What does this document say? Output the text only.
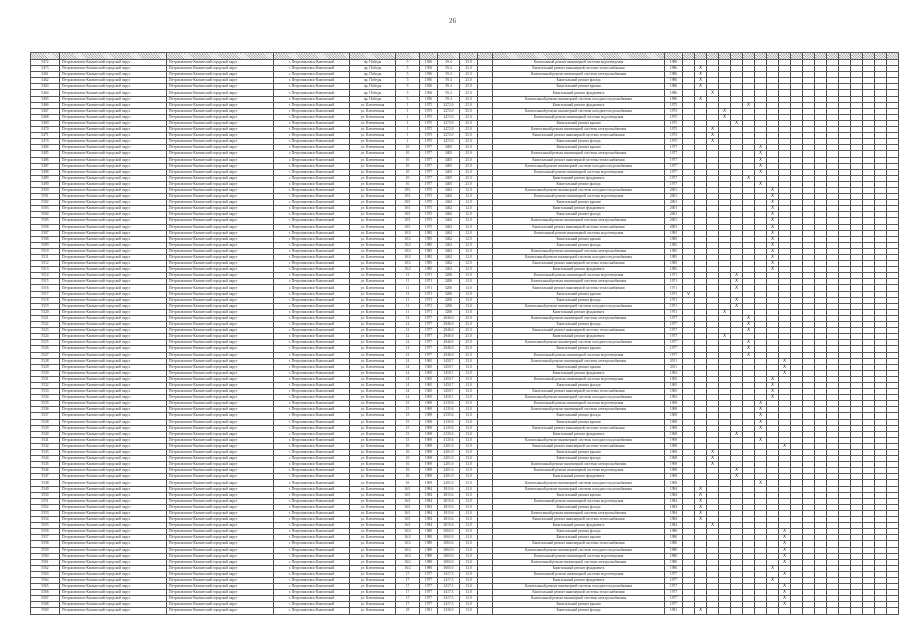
26

5472	Петропавловск-Камчатский городской округ	Петропавловск-Камчатский городской округ	г. Петропавловск-Камчатский	пр. Победы	5	1956	59.4	25.0		Капитальный ремонт инженерной системы водоотведения	1986																		
5473	Петропавловск-Камчатский городской округ	Петропавловск-Камчатский городской округ	г. Петропавловск-Камчатский	пр. Победы	5	1956	59.4	25.0		Капитальный ремонт инженерной системы теплоснабжения	1986		X																
5461	Петропавловск-Камчатский городской округ	Петропавловск-Камчатский городской округ	г. Петропавловск-Камчатский	пр. Победы	5	1956	59.4	25.0		Капитальный ремонт инженерной системы электроснабжения	1986		X																
5462	Петропавловск-Камчатский городской округ	Петропавловск-Камчатский городской округ	г. Петропавловск-Камчатский	пр. Победы	5	1956	59.4	25.0		Капитальный ремонт фасада	1986		X																
5463	Петропавловск-Камчатский городской округ	Петропавловск-Камчатский городской округ	г. Петропавловск-Камчатский	пр. Победы	5	1956	59.4	25.0		Капитальный ремонт крыши	1986		X																
5464	Петропавловск-Камчатский городской округ	Петропавловск-Камчатский городской округ	г. Петропавловск-Камчатский	пр. Победы	5	1956	59.4	25.0		Капитальный ремонт фундамента	1986			X															
5465	Петропавловск-Камчатский городской округ	Петропавловск-Камчатский городской округ	г. Петропавловск-Камчатский	пр. Победы	5	1956	59.4	25.0		Капитальный ремонт инженерной системы холодного водоснабжения	1986		X																
5466	Петропавловск-Камчатский городской округ	Петропавловск-Камчатский городской округ	г. Петропавловск-Камчатский	ул. Ключевская	1	1975	2272.0	25.0		Капитальный ремонт фундамента	1975						X												
5467	Петропавловск-Камчатский городской округ	Петропавловск-Камчатский городской округ	г. Петропавловск-Камчатский	ул. Ключевская	1	1975	2272.0	25.0		Капитальный ремонт инженерной системы холодного водоснабжения	1975				X														
5468	Петропавловск-Камчатский городской округ	Петропавловск-Камчатский городской округ	г. Петропавловск-Камчатский	ул. Ключевская	1	1975	2272.0	25.0		Капитальный ремонт инженерной системы водоотведения	1975				X														
5469	Петропавловск-Камчатский городской округ	Петропавловск-Камчатский городской округ	г. Петропавловск-Камчатский	ул. Ключевская	1	1975	2272.0	25.0		Капитальный ремонт крыши	1975					X													
5470	Петропавловск-Камчатский городской округ	Петропавловск-Камчатский городской округ	г. Петропавловск-Камчатский	ул. Ключевская	1	1975	2272.0	25.0		Капитальный ремонт инженерной системы электроснабжения	1975			X															
5471	Петропавловск-Камчатский городской округ	Петропавловск-Камчатский городской округ	г. Петропавловск-Камчатский	ул. Ключевская	1	1975	2272.0	25.0		Капитальный ремонт инженерной системы теплоснабжения	1975			X															
5474	Петропавловск-Камчатский городской округ	Петропавловск-Камчатский городской округ	г. Петропавловск-Камчатский	ул. Ключевская	1	1975	2272.0	25.0		Капитальный ремонт фасада	1975			X															
5484	Петропавловск-Камчатский городской округ	Петропавловск-Камчатский городской округ	г. Петропавловск-Камчатский	ул. Ключевская	10	1977	3405	25.0		Капитальный ремонт крыши	1977							X											
5485	Петропавловск-Камчатский городской округ	Петропавловск-Камчатский городской округ	г. Петропавловск-Камчатский	ул. Ключевская	10	1977	3405	25.0		Капитальный ремонт инженерной системы электроснабжения	1977							X											
5486	Петропавловск-Камчатский городской округ	Петропавловск-Камчатский городской округ	г. Петропавловск-Камчатский	ул. Ключевская	10	1977	3405	25.0		Капитальный ремонт инженерной системы теплоснабжения	1977							X											
5487	Петропавловск-Камчатский городской округ	Петропавловск-Камчатский городской округ	г. Петропавловск-Камчатский	ул. Ключевская	10	1977	3405	25.0		Капитальный ремонт инженерной системы холодного водоснабжения	1977							X											
5488	Петропавловск-Камчатский городской округ	Петропавловск-Камчатский городской округ	г. Петропавловск-Камчатский	ул. Ключевская	10	1977	3405	25.0		Капитальный ремонт инженерной системы водоотведения	1977							X											
5489	Петропавловск-Камчатский городской округ	Петропавловск-Камчатский городской округ	г. Петропавловск-Камчатский	ул. Ключевская	10	1977	3405	25.0		Капитальный ремонт фундамента	1977						X												
5490	Петропавловск-Камчатский городской округ	Петропавловск-Камчатский городской округ	г. Петропавловск-Камчатский	ул. Ключевская	10	1977	3405	25.0		Капитальный ремонт фасада	1977							X											
5500	Петропавловск-Камчатский городской округ	Петропавловск-Камчатский городской округ	г. Петропавловск-Камчатский	ул. Ключевская	10/1	1975	3462	12.0		Капитальный ремонт инженерной системы холодного водоснабжения	2001								X										
5501	Петропавловск-Камчатский городской округ	Петропавловск-Камчатский городской округ	г. Петропавловск-Камчатский	ул. Ключевская	10/1	1975	3462	12.0		Капитальный ремонт инженерной системы водоотведения	2001								X										
5502	Петропавловск-Камчатский городской округ	Петропавловск-Камчатский городской округ	г. Петропавловск-Камчатский	ул. Ключевская	10/1	1975	3462	12.0		Капитальный ремонт крыши	2001								X										
5503	Петропавловск-Камчатский городской округ	Петропавловск-Камчатский городской округ	г. Петропавловск-Камчатский	ул. Ключевская	10/1	1975	3462	12.0		Капитальный ремонт фундамента	2001								X										
5504	Петропавловск-Камчатский городской округ	Петропавловск-Камчатский городской округ	г. Петропавловск-Камчатский	ул. Ключевская	10/1	1975	3462	12.0		Капитальный ремонт фасада	2001								X										
5505	Петропавловск-Камчатский городской округ	Петропавловск-Камчатский городской округ	г. Петропавловск-Камчатский	ул. Ключевская	10/1	1975	3462	12.0		Капитальный ремонт инженерной системы электроснабжения	2001								X										
5506	Петропавловск-Камчатский городской округ	Петропавловск-Камчатский городской округ	г. Петропавловск-Камчатский	ул. Ключевская	10/1	1975	3462	12.0		Капитальный ремонт инженерной системы теплоснабжения	2001								X										
5507	Петропавловск-Камчатский городской округ	Петропавловск-Камчатский городской округ	г. Петропавловск-Камчатский	ул. Ключевская	10/2	1985	3462	12.0		Капитальный ремонт инженерной системы водоотведения	1985								X										
5508	Петропавловск-Камчатский городской округ	Петропавловск-Камчатский городской округ	г. Петропавловск-Камчатский	ул. Ключевская	10/2	1985	3462	12.0		Капитальный ремонт крыши	1985								X										
5509	Петропавловск-Камчатский городской округ	Петропавловск-Камчатский городской округ	г. Петропавловск-Камчатский	ул. Ключевская	10/2	1985	3462	12.0		Капитальный ремонт фасада	1985								X										
5510	Петропавловск-Камчатский городской округ	Петропавловск-Камчатский городской округ	г. Петропавловск-Камчатский	ул. Ключевская	10/2	1985	3462	12.0		Капитальный ремонт инженерной системы электроснабжения	1985								X										
5511	Петропавловск-Камчатский городской округ	Петропавловск-Камчатский городской округ	г. Петропавловск-Камчатский	ул. Ключевская	10/2	1985	3462	12.0		Капитальный ремонт инженерной системы холодного водоснабжения	1985								X										
5512	Петропавловск-Камчатский городской округ	Петропавловск-Камчатский городской округ	г. Петропавловск-Камчатский	ул. Ключевская	10/2	1985	3462	12.0		Капитальный ремонт инженерной системы теплоснабжения	1985								X										
5513	Петропавловск-Камчатский городской округ	Петропавловск-Камчатский городской округ	г. Петропавловск-Камчатский	ул. Ключевская	10/2	1985	3462	12.0		Капитальный ремонт фундамента	1985								X										
5514	Петропавловск-Камчатский городской округ	Петропавловск-Камчатский городской округ	г. Петропавловск-Камчатский	ул. Ключевская	11	1971	3206	13.0		Капитальный ремонт инженерной системы водоотведения	1971					X													
5515	Петропавловск-Камчатский городской округ	Петропавловск-Камчатский городской округ	г. Петропавловск-Камчатский	ул. Ключевская	11	1971	3206	13.0		Капитальный ремонт инженерной системы электроснабжения	1971					X													
5516	Петропавловск-Камчатский городской округ	Петропавловск-Камчатский городской округ	г. Петропавловск-Камчатский	ул. Ключевская	11	1971	3206	13.0		Капитальный ремонт инженерной системы теплоснабжения	1971					X													
5517	Петропавловск-Камчатский городской округ	Петропавловск-Камчатский городской округ	г. Петропавловск-Камчатский	ул. Ключевская	11	1971	3206	13.0		Капитальный ремонт крыши	1971	V																	
5518	Петропавловск-Камчатский городской округ	Петропавловск-Камчатский городской округ	г. Петропавловск-Камчатский	ул. Ключевская	11	1971	3206	13.0		Капитальный ремонт фасада	1971					X													
5519	Петропавловск-Камчатский городской округ	Петропавловск-Камчатский городской округ	г. Петропавловск-Камчатский	ул. Ключевская	11	1971	3206	13.0		Капитальный ремонт инженерной системы холодного водоснабжения	1971					X													
5520	Петропавловск-Камчатский городской округ	Петропавловск-Камчатский городской округ	г. Петропавловск-Камчатский	ул. Ключевская	11	1971	3206	13.0		Капитальный ремонт фундамента	1971				X														
5521	Петропавловск-Камчатский городской округ	Петропавловск-Камчатский городской округ	г. Петропавловск-Камчатский	ул. Ключевская	12	1977	2946.0	25.0		Капитальный ремонт инженерной системы электроснабжения	1977						X												
5522	Петропавловск-Камчатский городской округ	Петропавловск-Камчатский городской округ	г. Петропавловск-Камчатский	ул. Ключевская	12	1977	2946.0	25.0		Капитальный ремонт фасада	1977						X												
5523	Петропавловск-Камчатский городской округ	Петропавловск-Камчатский городской округ	г. Петропавловск-Камчатский	ул. Ключевская	12	1977	2946.0	25.0		Капитальный ремонт инженерной системы теплоснабжения	1977						X												
5524	Петропавловск-Камчатский городской округ	Петропавловск-Камчатский городской округ	г. Петропавловск-Камчатский	ул. Ключевская	12	1977	2946.0	25.0		Капитальный ремонт фундамента	1977				X														
5525	Петропавловск-Камчатский городской округ	Петропавловск-Камчатский городской округ	г. Петропавловск-Камчатский	ул. Ключевская	12	1977	2946.0	25.0		Капитальный ремонт инженерной системы холодного водоснабжения	1977						X												
5526	Петропавловск-Камчатский городской округ	Петропавловск-Камчатский городской округ	г. Петропавловск-Камчатский	ул. Ключевская	12	1977	2946.0	25.0		Капитальный ремонт крыши	1977						X												
5527	Петропавловск-Камчатский городской округ	Петропавловск-Камчатский городской округ	г. Петропавловск-Камчатский	ул. Ключевская	12	1977	2946.0	25.0		Капитальный ремонт инженерной системы водоотведения	1977						X												
5528	Петропавловск-Камчатский городской округ	Петропавловск-Камчатский городской округ	г. Петропавловск-Камчатский	ул. Ключевская	14	1965	3450.7	13.0		Капитальный ремонт инженерной системы электроснабжения	2011									X									
5529	Петропавловск-Камчатский городской округ	Петропавловск-Камчатский городской округ	г. Петропавловск-Камчатский	ул. Ключевская	14	1965	3450.7	13.0		Капитальный ремонт крыши	2011									X									
5530	Петропавловск-Камчатский городской округ	Петропавловск-Камчатский городской округ	г. Петропавловск-Камчатский	ул. Ключевская	14	1965	3450.7	13.0		Капитальный ремонт фундамента	1965									X									
5531	Петропавловск-Камчатский городской округ	Петропавловск-Камчатский городской округ	г. Петропавловск-Камчатский	ул. Ключевская	14	1965	3450.7	13.0		Капитальный ремонт инженерной системы водоотведения	1965								X										
5532	Петропавловск-Камчатский городской округ	Петропавловск-Камчатский городской округ	г. Петропавловск-Камчатский	ул. Ключевская	14	1965	3450.7	13.0		Капитальный ремонт фасада	1965								X										
5533	Петропавловск-Камчатский городской округ	Петропавловск-Камчатский городской округ	г. Петропавловск-Камчатский	ул. Ключевская	14	1965	3450.7	13.0		Капитальный ремонт инженерной системы теплоснабжения	1965								X										
5534	Петропавловск-Камчатский городской округ	Петропавловск-Камчатский городской округ	г. Петропавловск-Камчатский	ул. Ключевская	14	1965	3450.7	13.0		Капитальный ремонт инженерной системы холодного водоснабжения	1965								X										
5535	Петропавловск-Камчатский городской округ	Петропавловск-Камчатский городской округ	г. Петропавловск-Камчатский	ул. Ключевская	15	1969	4135.6	13.0		Капитальный ремонт инженерной системы водоотведения	1969							X											
5536	Петропавловск-Камчатский городской округ	Петропавловск-Камчатский городской округ	г. Петропавловск-Камчатский	ул. Ключевская	15	1969	4135.6	13.0		Капитальный ремонт инженерной системы электроснабжения	1969							X											
5537	Петропавловск-Камчатский городской округ	Петропавловск-Камчатский городской округ	г. Петропавловск-Камчатский	ул. Ключевская	15	1969	4135.6	13.0		Капитальный ремонт фасада	1969							X											
5538	Петропавловск-Камчатский городской округ	Петропавловск-Камчатский городской округ	г. Петропавловск-Камчатский	ул. Ключевская	15	1969	4135.6	13.0		Капитальный ремонт крыши	1969							X											
5539	Петропавловск-Камчатский городской округ	Петропавловск-Камчатский городской округ	г. Петропавловск-Камчатский	ул. Ключевская	15	1969	4135.6	13.0		Капитальный ремонт инженерной системы теплоснабжения	1969							X											
5540	Петропавловск-Камчатский городской округ	Петропавловск-Камчатский городской округ	г. Петропавловск-Камчатский	ул. Ключевская	15	1969	4135.6	13.0		Капитальный ремонт фундамента	1969					X													
5541	Петропавловск-Камчатский городской округ	Петропавловск-Камчатский городской округ	г. Петропавловск-Камчатский	ул. Ключевская	15	1969	4135.6	13.0		Капитальный ремонт инженерной системы холодного водоснабжения	1969							X											
5542	Петропавловск-Камчатский городской округ	Петропавловск-Камчатский городской округ	г. Петропавловск-Камчатский	ул. Ключевская	16	1969	2201.0	13.0		Капитальный ремонт инженерной системы теплоснабжения	1969									X									
5543	Петропавловск-Камчатский городской округ	Петропавловск-Камчатский городской округ	г. Петропавловск-Камчатский	ул. Ключевская	16	1969	2201.0	13.0		Капитальный ремонт крыши	1969			X															
5544	Петропавловск-Камчатский городской округ	Петропавловск-Камчатский городской округ	г. Петропавловск-Камчатский	ул. Ключевская	16	1969	2201.0	13.0		Капитальный ремонт фасада	1969			X															
5545	Петропавловск-Камчатский городской округ	Петропавловск-Камчатский городской округ	г. Петропавловск-Камчатский	ул. Ключевская	16	1969	2201.0	13.0		Капитальный ремонт инженерной системы электроснабжения	1969			X															
5546	Петропавловск-Камчатский городской округ	Петропавловск-Камчатский городской округ	г. Петропавловск-Камчатский	ул. Ключевская	16	1969	2201.0	13.0		Капитальный ремонт инженерной системы водоотведения	1969					X													
5547	Петропавловск-Камчатский городской округ	Петропавловск-Камчатский городской округ	г. Петропавловск-Камчатский	ул. Ключевская	16	1969	2201.0	13.0		Капитальный ремонт фундамента	1969					X													
5548	Петропавловск-Камчатский городской округ	Петропавловск-Камчатский городской округ	г. Петропавловск-Камчатский	ул. Ключевская	16	1969	2201.0	13.0		Капитальный ремонт инженерной системы холодного водоснабжения	1969							X											
5549	Петропавловск-Камчатский городской округ	Петропавловск-Камчатский городской округ	г. Петропавловск-Камчатский	ул. Ключевская	16/1	1984	2815.6	13.0		Капитальный ремонт инженерной системы холодного водоснабжения	1984		X																
5550	Петропавловск-Камчатский городской округ	Петропавловск-Камчатский городской округ	г. Петропавловск-Камчатский	ул. Ключевская	16/1	1984	2815.6	13.0		Капитальный ремонт крыши	1984		A																
5551	Петропавловск-Камчатский городской округ	Петропавловск-Камчатский городской округ	г. Петропавловск-Камчатский	ул. Ключевская	16/1	1984	2815.6	13.0		Капитальный ремонт инженерной системы водоотведения	1984		X																
5552	Петропавловск-Камчатский городской округ	Петропавловск-Камчатский городской округ	г. Петропавловск-Камчатский	ул. Ключевская	16/1	1984	2815.6	13.0		Капитальный ремонт фасада	1984		X																
5553	Петропавловск-Камчатский городской округ	Петропавловск-Камчатский городской округ	г. Петропавловск-Камчатский	ул. Ключевская	16/1	1984	2815.6	13.0		Капитальный ремонт инженерной системы электроснабжения	1984		X																
5554	Петропавловск-Камчатский городской округ	Петропавловск-Камчатский городской округ	г. Петропавловск-Камчатский	ул. Ключевская	16/1	1984	2815.6	13.0		Капитальный ремонт инженерной системы теплоснабжения	1984		X																
5555	Петропавловск-Камчатский городской округ	Петропавловск-Камчатский городской округ	г. Петропавловск-Камчатский	ул. Ключевская	16/1	1984	2815.6	13.0		Капитальный ремонт фундамента	1984			X															
5556	Петропавловск-Камчатский городской округ	Петропавловск-Камчатский городской округ	г. Петропавловск-Камчатский	ул. Ключевская	16/2	1980	3065.0	13.0		Капитальный ремонт фасада	1980									X									
5557	Петропавловск-Камчатский городской округ	Петропавловск-Камчатский городской округ	г. Петропавловск-Камчатский	ул. Ключевская	16/2	1980	3065.0	13.0		Капитальный ремонт крыши	1980									X									
5558	Петропавловск-Камчатский городской округ	Петропавловск-Камчатский городской округ	г. Петропавловск-Камчатский	ул. Ключевская	16/2	1980	3065.0	13.0		Капитальный ремонт инженерной системы теплоснабжения	1980									X									
5559	Петропавловск-Камчатский городской округ	Петропавловск-Камчатский городской округ	г. Петропавловск-Камчатский	ул. Ключевская	16/2	1980	3065.0	13.0		Капитальный ремонт инженерной системы холодного водоснабжения	1980									X									
5560	Петропавловск-Камчатский городской округ	Петропавловск-Камчатский городской округ	г. Петропавловск-Камчатский	ул. Ключевская	16/2	1980	3065.0	13.0		Капитальный ремонт инженерной системы водоотведения	1980									X									
5561	Петропавловск-Камчатский городской округ	Петропавловск-Камчатский городской округ	г. Петропавловск-Камчатский	ул. Ключевская	16/2	1980	3065.0	13.0		Капитальный ремонт инженерной системы электроснабжения	1980									X									
5562	Петропавловск-Камчатский городской округ	Петропавловск-Камчатский городской округ	г. Петропавловск-Камчатский	ул. Ключевская	16/2	1980	3065.0	13.0		Капитальный ремонт фундамента	1980								X										
5563	Петропавловск-Камчатский городской округ	Петропавловск-Камчатский городской округ	г. Петропавловск-Камчатский	ул. Ключевская	17	1977	3417.3	13.0		Капитальный ремонт инженерной системы водоотведения	1977									X									
5564	Петропавловск-Камчатский городской округ	Петропавловск-Камчатский городской округ	г. Петропавловск-Камчатский	ул. Ключевская	17	1977	3417.3	13.0		Капитальный ремонт фундамента	1977								X										
5565	Петропавловск-Камчатский городской округ	Петропавловск-Камчатский городской округ	г. Петропавловск-Камчатский	ул. Ключевская	17	1977	3417.3	13.0		Капитальный ремонт инженерной системы холодного водоснабжения	1977									X									
5566	Петропавловск-Камчатский городской округ	Петропавловск-Камчатский городской округ	г. Петропавловск-Камчатский	ул. Ключевская	17	1977	3417.3	13.0		Капитальный ремонт инженерной системы теплоснабжения	1977									X									
5567	Петропавловск-Камчатский городской округ	Петропавловск-Камчатский городской округ	г. Петропавловск-Камчатский	ул. Ключевская	17	1977	3417.3	13.0		Капитальный ремонт инженерной системы электроснабжения	1977									X									
5568	Петропавловск-Камчатский городской округ	Петропавловск-Камчатский городской округ	г. Петропавловск-Камчатский	ул. Ключевская	17	1977	3417.3	13.0		Капитальный ремонт крыши	1977									X									
5569	Петропавловск-Камчатский городской округ	Петропавловск-Камчатский городской округ	г. Петропавловск-Камчатский	ул. Ключевская	18	1981	2336.0	13.0		Капитальный ремонт фасада	1981		X																
